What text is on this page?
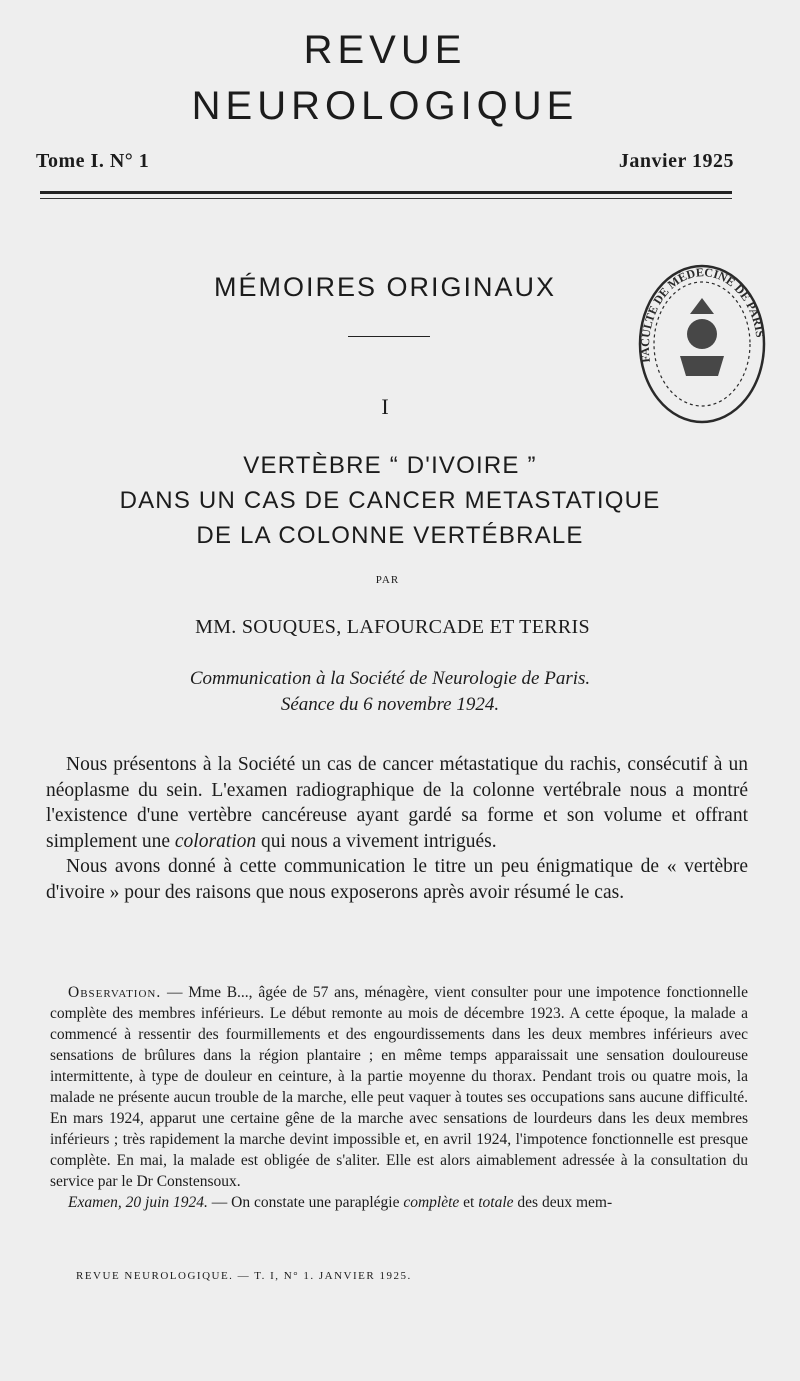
REVUE
NEUROLOGIQUE
Tome I. N° 1	Janvier 1925
MÉMOIRES ORIGINAUX
FACULTÉ DE MÉDECINE DE PARIS
I
VERTÈBRE “ D'IVOIRE ”
DANS UN CAS DE CANCER METASTATIQUE
DE LA COLONNE VERTÉBRALE
PAR
MM. SOUQUES, LAFOURCADE ET TERRIS
Communication à la Société de Neurologie de Paris.
Séance du 6 novembre 1924.

Nous présentons à la Société un cas de cancer métastatique du rachis, consécutif à un néoplasme du sein. L'examen radiographique de la colonne vertébrale nous a montré l'existence d'une vertèbre cancéreuse ayant gardé sa forme et son volume et offrant simplement une coloration qui nous a vivement intrigués.

Nous avons donné à cette communication le titre un peu énigmatique de « vertèbre d'ivoire » pour des raisons que nous exposerons après avoir résumé le cas.

Observation. — Mme B..., âgée de 57 ans, ménagère, vient consulter pour une impotence fonctionnelle complète des membres inférieurs. Le début remonte au mois de décembre 1923. A cette époque, la malade a commencé à ressentir des fourmillements et des engourdissements dans les deux membres inférieurs avec sensations de brûlures dans la région plantaire ; en même temps apparaissait une sensation douloureuse intermittente, à type de douleur en ceinture, à la partie moyenne du thorax. Pendant trois ou quatre mois, la malade ne présente aucun trouble de la marche, elle peut vaquer à toutes ses occupations sans aucune difficulté. En mars 1924, apparut une certaine gêne de la marche avec sensations de lourdeurs dans les deux membres inférieurs ; très rapidement la marche devint impossible et, en avril 1924, l'impotence fonctionnelle est presque complète. En mai, la malade est obligée de s'aliter. Elle est alors aimablement adressée à la consultation du service par le Dr Constensoux.

Examen, 20 juin 1924. — On constate une paraplégie complète et totale des deux mem-

REVUE NEUROLOGIQUE. — T. I, N° 1. JANVIER 1925.
